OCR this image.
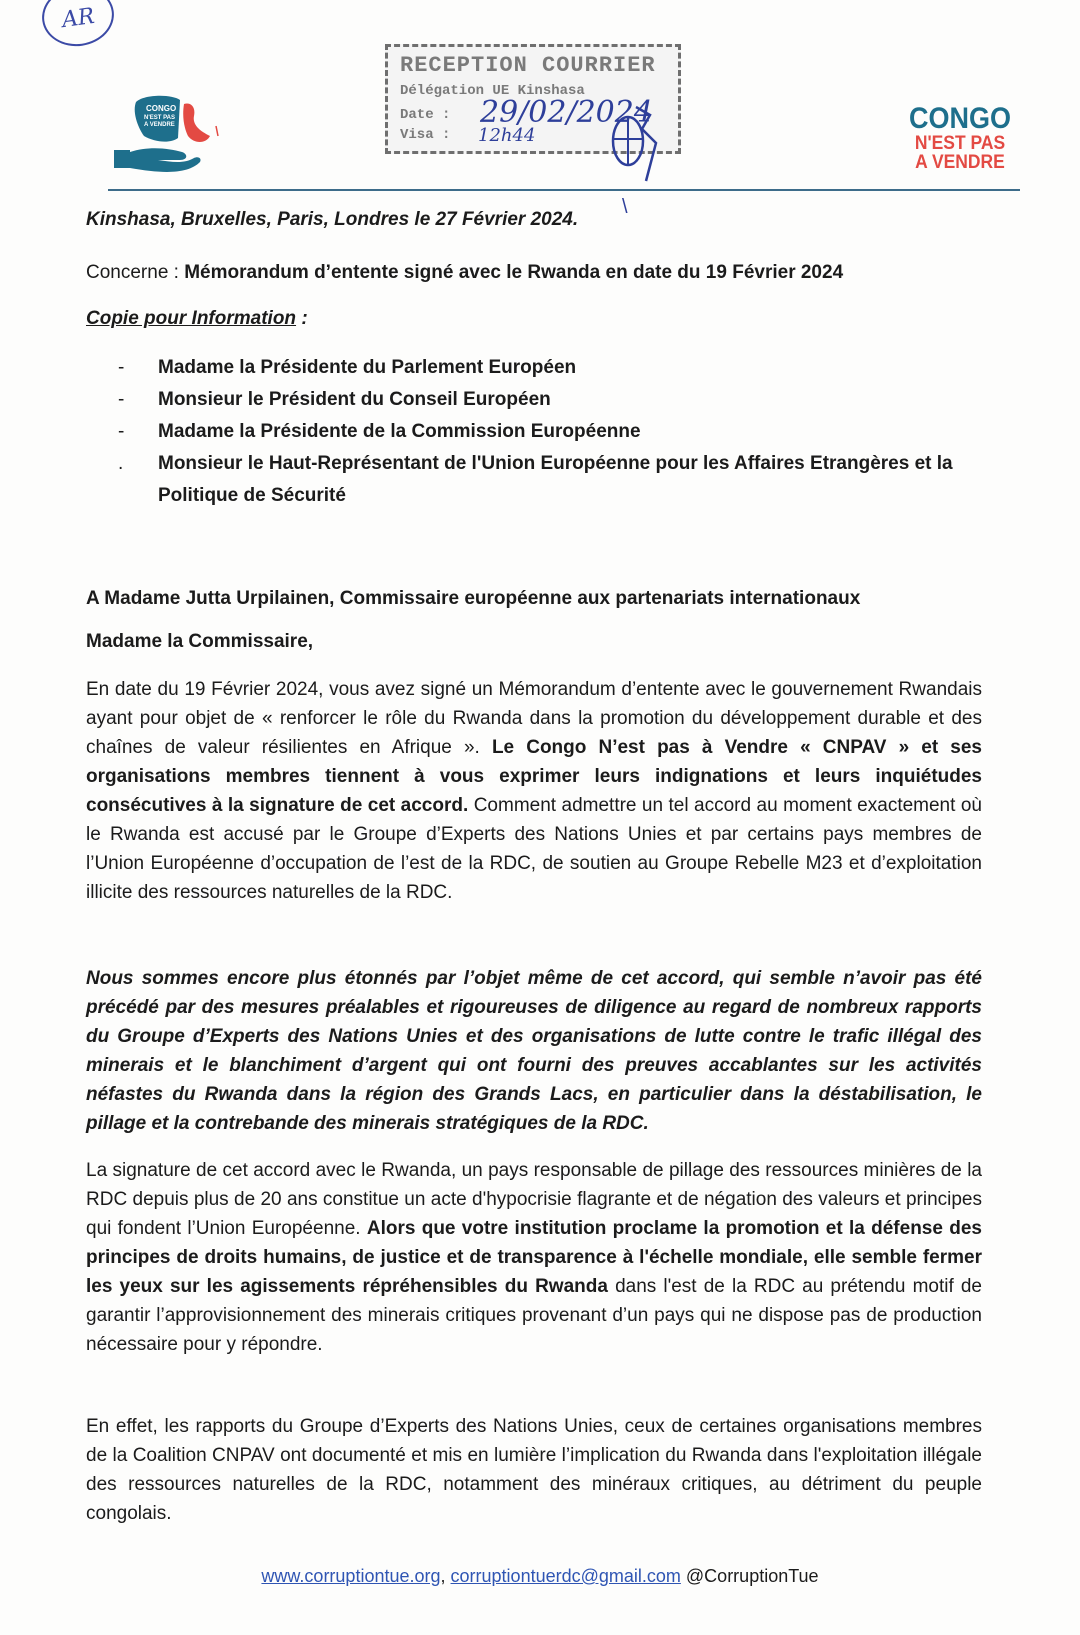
AR
RECEPTION COURRIER
Délégation UE Kinshasa
Date :
Visa :
29/02/2024
12h44
\
CONGO
N'EST PAS
A VENDRE	CONGO
N'EST PAS
A VENDRE
Kinshasa, Bruxelles, Paris, Londres le 27 Février 2024.
Concerne : Mémorandum d’entente signé avec le Rwanda en date du 19 Février 2024
Copie pour Information :
- Madame la Présidente du Parlement Européen
- Monsieur le Président du Conseil Européen
- Madame la Présidente de la Commission Européenne
. Monsieur le Haut-Représentant de l'Union Européenne pour les Affaires Etrangères et la Politique de Sécurité
A Madame Jutta Urpilainen, Commissaire européenne aux partenariats internationaux
Madame la Commissaire,
En date du 19 Février 2024, vous avez signé un Mémorandum d’entente avec le gouvernement Rwandais ayant pour objet de « renforcer le rôle du Rwanda dans la promotion du développement durable et des chaînes de valeur résilientes en Afrique ». Le Congo N’est pas à Vendre « CNPAV » et ses organisations membres tiennent à vous exprimer leurs indignations et leurs inquiétudes consécutives à la signature de cet accord. Comment admettre un tel accord au moment exactement où le Rwanda est accusé par le Groupe d’Experts des Nations Unies et par certains pays membres de l’Union Européenne d’occupation de l’est de la RDC, de soutien au Groupe Rebelle M23 et d’exploitation illicite des ressources naturelles de la RDC.
Nous sommes encore plus étonnés par l’objet même de cet accord, qui semble n’avoir pas été précédé par des mesures préalables et rigoureuses de diligence au regard de nombreux rapports du Groupe d’Experts des Nations Unies et des organisations de lutte contre le trafic illégal des minerais et le blanchiment d’argent qui ont fourni des preuves accablantes sur les activités néfastes du Rwanda dans la région des Grands Lacs, en particulier dans la déstabilisation, le pillage et la contrebande des minerais stratégiques de la RDC.
La signature de cet accord avec le Rwanda, un pays responsable de pillage des ressources minières de la RDC depuis plus de 20 ans constitue un acte d'hypocrisie flagrante et de négation des valeurs et principes qui fondent l’Union Européenne. Alors que votre institution proclame la promotion et la défense des principes de droits humains, de justice et de transparence à l'échelle mondiale, elle semble fermer les yeux sur les agissements répréhensibles du Rwanda dans l'est de la RDC au prétendu motif de garantir l’approvisionnement des minerais critiques provenant d’un pays qui ne dispose pas de production nécessaire pour y répondre.
En effet, les rapports du Groupe d’Experts des Nations Unies, ceux de certaines organisations membres de la Coalition CNPAV ont documenté et mis en lumière l’implication du Rwanda dans l'exploitation illégale des ressources naturelles de la RDC, notamment des minéraux critiques, au détriment du peuple congolais.
www.corruptiontue.org, corruptiontuerdc@gmail.com @CorruptionTue
